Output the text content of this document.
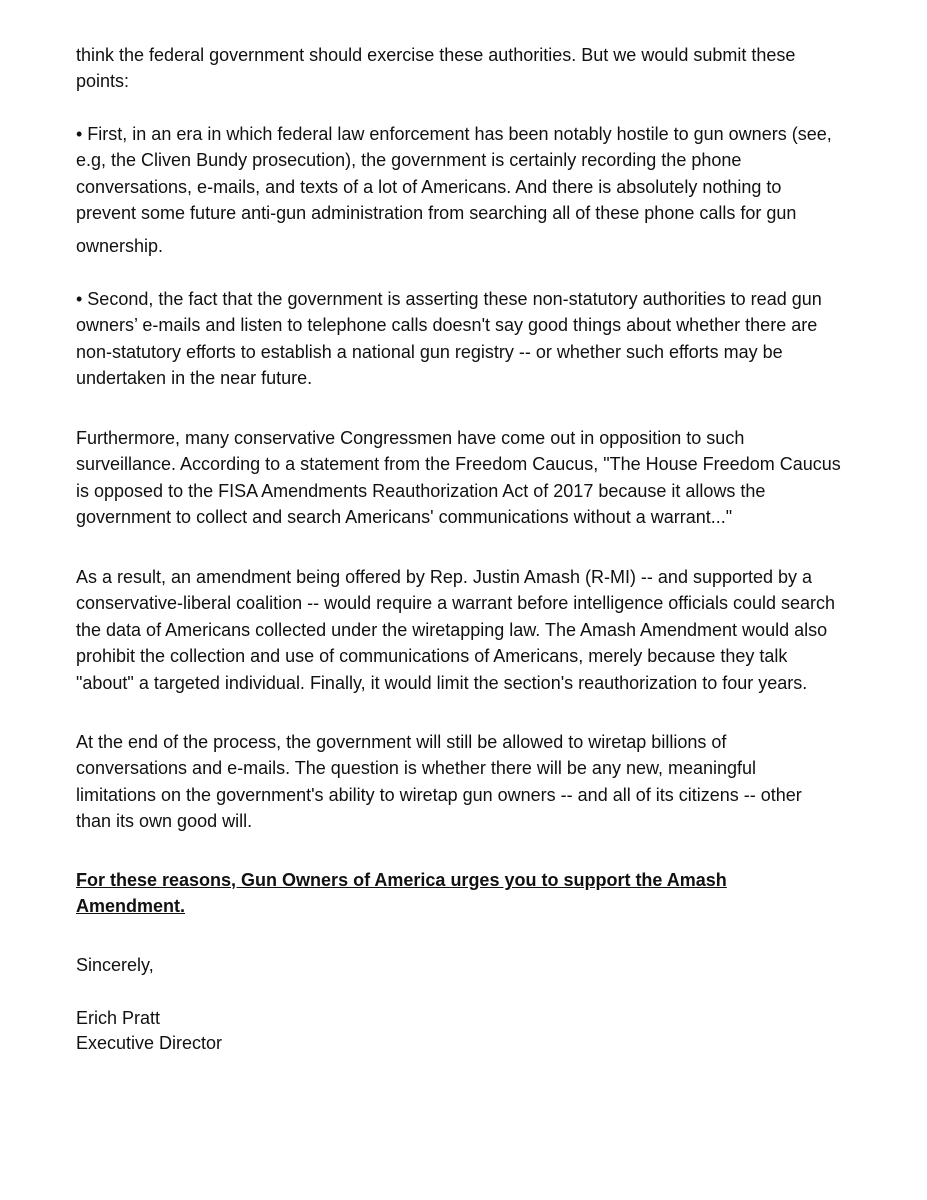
think the federal government should exercise these authorities. But we would submit these
points:
• First, in an era in which federal law enforcement has been notably hostile to gun owners (see,
e.g, the Cliven Bundy prosecution), the government is certainly recording the phone
conversations, e-mails, and texts of a lot of Americans. And there is absolutely nothing to
prevent some future anti-gun administration from searching all of these phone calls for gun
ownership.
• Second, the fact that the government is asserting these non-statutory authorities to read gun
owners’ e-mails and listen to telephone calls doesn't say good things about whether there are
non-statutory efforts to establish a national gun registry -- or whether such efforts may be
undertaken in the near future.
Furthermore, many conservative Congressmen have come out in opposition to such
surveillance. According to a statement from the Freedom Caucus, "The House Freedom Caucus
is opposed to the FISA Amendments Reauthorization Act of 2017 because it allows the
government to collect and search Americans' communications without a warrant..."
As a result, an amendment being offered by Rep. Justin Amash (R-MI) -- and supported by a
conservative-liberal coalition -- would require a warrant before intelligence officials could search
the data of Americans collected under the wiretapping law. The Amash Amendment would also
prohibit the collection and use of communications of Americans, merely because they talk
"about" a targeted individual. Finally, it would limit the section's reauthorization to four years.
At the end of the process, the government will still be allowed to wiretap billions of
conversations and e-mails. The question is whether there will be any new, meaningful
limitations on the government's ability to wiretap gun owners -- and all of its citizens -- other
than its own good will.
For these reasons, Gun Owners of America urges you to support the Amash
Amendment.
Sincerely,
Erich Pratt
Executive Director
